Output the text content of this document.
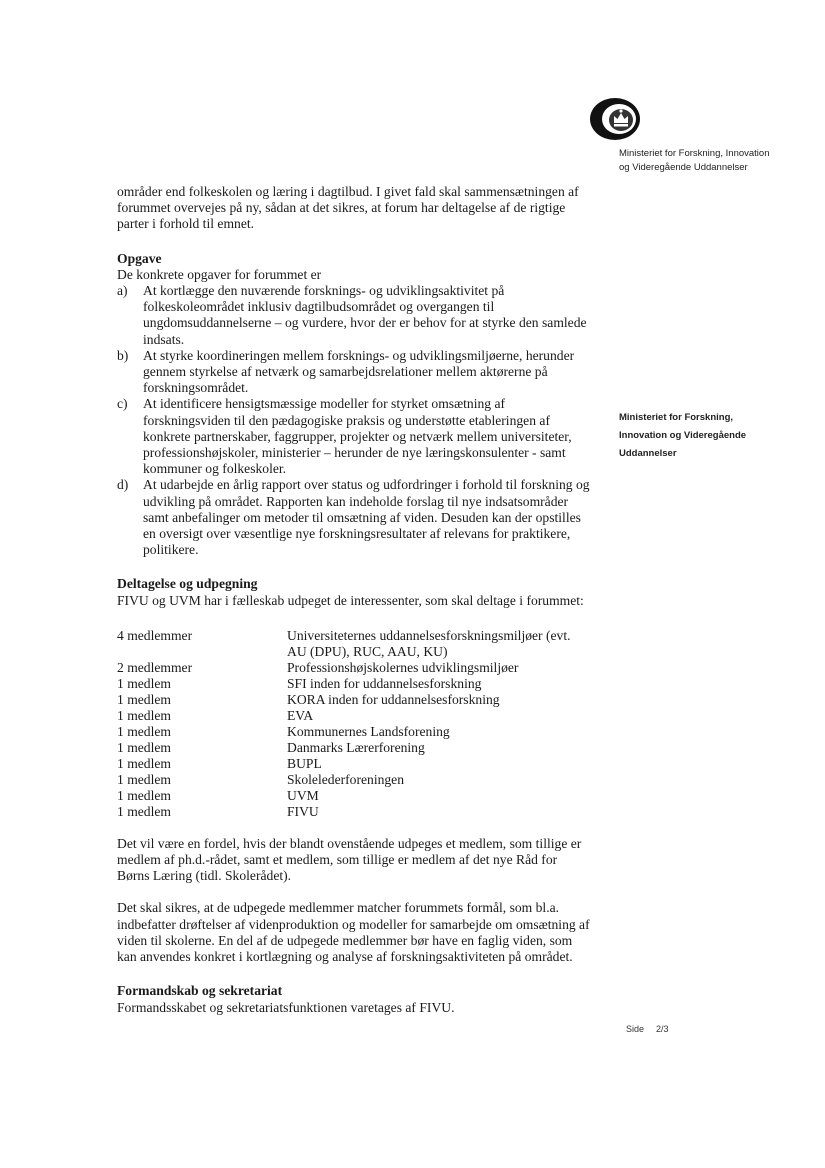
Ministeriet for Forskning, Innovation
og Videregående Uddannelser
Ministeriet for Forskning,
Innovation og Videregående
Uddannelser

områder end folkeskolen og læring i dagtilbud. I givet fald skal sammensætningen af forummet overvejes på ny, sådan at det sikres, at forum har deltagelse af de rigtige parter i forhold til emnet.

Opgave

De konkrete opgaver for forummet er

a) At kortlægge den nuværende forsknings- og udviklingsaktivitet på folkeskoleområdet inklusiv dagtilbudsområdet og overgangen til ungdomsuddannelserne – og vurdere, hvor der er behov for at styrke den samlede indsats.
b) At styrke koordineringen mellem forsknings- og udviklingsmiljøerne, herunder gennem styrkelse af netværk og samarbejdsrelationer mellem aktørerne på forskningsområdet.
c) At identificere hensigtsmæssige modeller for styrket omsætning af forskningsviden til den pædagogiske praksis og understøtte etableringen af konkrete partnerskaber, faggrupper, projekter og netværk mellem universiteter, professionshøjskoler, ministerier – herunder de nye læringskonsulenter - samt kommuner og folkeskoler.
d) At udarbejde en årlig rapport over status og udfordringer i forhold til forskning og udvikling på området. Rapporten kan indeholde forslag til nye indsatsområder samt anbefalinger om metoder til omsætning af viden. Desuden kan der opstilles en oversigt over væsentlige nye forskningsresultater af relevans for praktikere, politikere.
Deltagelse og udpegning

FIVU og UVM har i fælleskab udpeget de interessenter, som skal deltage i forummet:

4 medlemmer	Universiteternes uddannelsesforskningsmiljøer (evt. AU (DPU), RUC, AAU, KU)
2 medlemmer	Professionshøjskolernes udviklingsmiljøer
1 medlem	SFI inden for uddannelsesforskning
1 medlem	KORA inden for uddannelsesforskning
1 medlem	EVA
1 medlem	Kommunernes Landsforening
1 medlem	Danmarks Lærerforening
1 medlem	BUPL
1 medlem	Skolelederforeningen
1 medlem	UVM
1 medlem	FIVU

Det vil være en fordel, hvis der blandt ovenstående udpeges et medlem, som tillige er medlem af ph.d.-rådet, samt et medlem, som tillige er medlem af det nye Råd for Børns Læring (tidl. Skolerådet).

Det skal sikres, at de udpegede medlemmer matcher forummets formål, som bl.a. indbefatter drøftelser af videnproduktion og modeller for samarbejde om omsætning af viden til skolerne. En del af de udpegede medlemmer bør have en faglig viden, som kan anvendes konkret i kortlægning og analyse af forskningsaktiviteten på området.

Formandskab og sekretariat

Formandsskabet og sekretariatsfunktionen varetages af FIVU.

Side 2/3
